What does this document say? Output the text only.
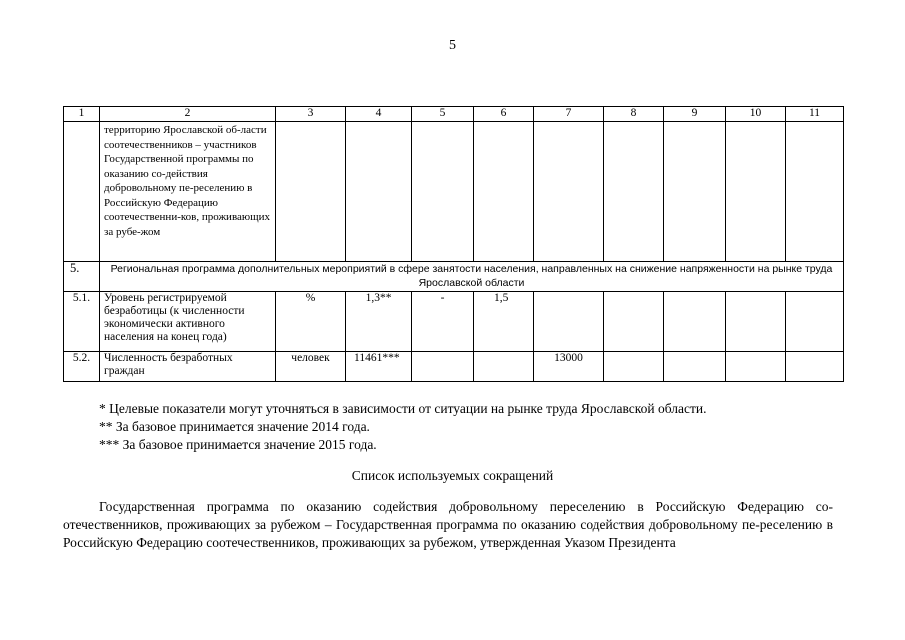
5
1	2	3	4	5	6	7	8	9	10	11
	территорию Ярославской об-ласти соотечественников – участников Государственной программы по оказанию со-действия добровольному пе-реселению в Российскую Федерацию соотечественни-ков, проживающих за рубе-жом									
5.	Региональная программа дополнительных мероприятий в сфере занятости населения, направленных на снижение напряженности на рынке труда Ярославской области									
5.1.	Уровень регистрируемой безработицы (к численности экономически активного населения на конец года)	%	1,3**	-	1,5					
5.2.	Численность безработных граждан	человек	11461***			13000				
* Целевые показатели могут уточняться в зависимости от ситуации на рынке труда Ярославской области.
** За базовое принимается значение 2014 года.
*** За базовое принимается значение 2015 года.
Список используемых сокращений
Государственная программа по оказанию содействия добровольному переселению в Российскую Федерацию со-отечественников, проживающих за рубежом – Государственная программа по оказанию содействия добровольному пе-реселению в Российскую Федерацию соотечественников, проживающих за рубежом, утвержденная Указом Президента
